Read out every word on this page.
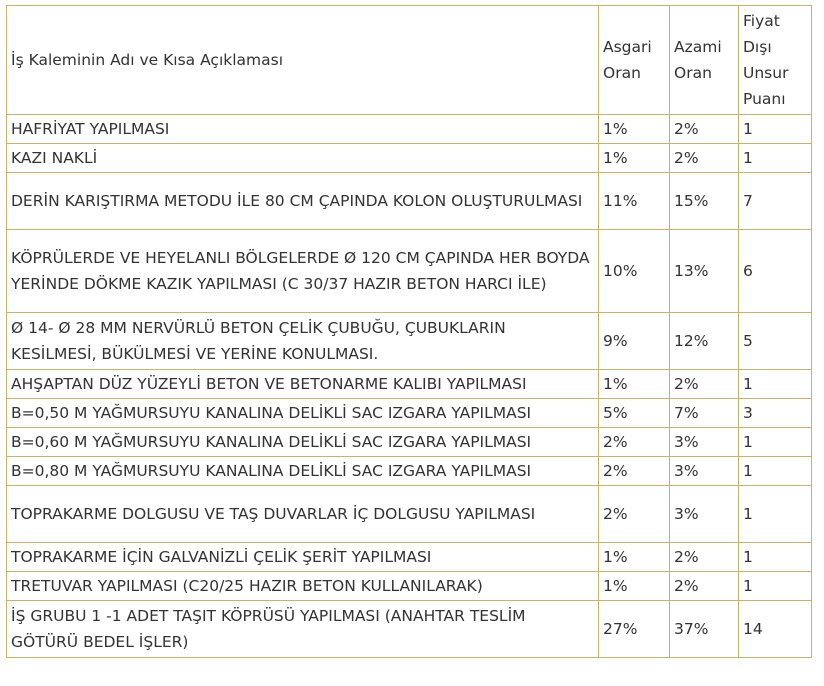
İş Kaleminin Adı ve Kısa Açıklaması	Asgari Oran	Azami Oran	Fiyat Dışı Unsur Puanı
HAFRİYAT YAPILMASI	1%	2%	1
KAZI NAKLİ	1%	2%	1
DERİN KARIŞTIRMA METODU İLE 80 CM ÇAPINDA KOLON OLUŞTURULMASI	11%	15%	7
KÖPRÜLERDE VE HEYELANLI BÖLGELERDE Ø 120 CM ÇAPINDA HER BOYDA YERİNDE DÖKME KAZIK YAPILMASI (C 30/37 HAZIR BETON HARCI İLE)	10%	13%	6
Ø 14- Ø 28 MM NERVÜRLÜ BETON ÇELİK ÇUBUĞU, ÇUBUKLARIN KESİLMESİ, BÜKÜLMESİ VE YERİNE KONULMASI.	9%	12%	5
AHŞAPTAN DÜZ YÜZEYLİ BETON VE BETONARME KALIBI YAPILMASI	1%	2%	1
B=0,50 M YAĞMURSUYU KANALINA DELİKLİ SAC IZGARA YAPILMASI	5%	7%	3
B=0,60 M YAĞMURSUYU KANALINA DELİKLİ SAC IZGARA YAPILMASI	2%	3%	1
B=0,80 M YAĞMURSUYU KANALINA DELİKLİ SAC IZGARA YAPILMASI	2%	3%	1
TOPRAKARME DOLGUSU VE TAŞ DUVARLAR İÇ DOLGUSU YAPILMASI	2%	3%	1
TOPRAKARME İÇİN GALVANİZLİ ÇELİK ŞERİT YAPILMASI	1%	2%	1
TRETUVAR YAPILMASI (C20/25 HAZIR BETON KULLANILARAK)	1%	2%	1
İŞ GRUBU 1 -1 ADET TAŞIT KÖPRÜSÜ YAPILMASI (ANAHTAR TESLİM GÖTÜRÜ BEDEL İŞLER)	27%	37%	14
